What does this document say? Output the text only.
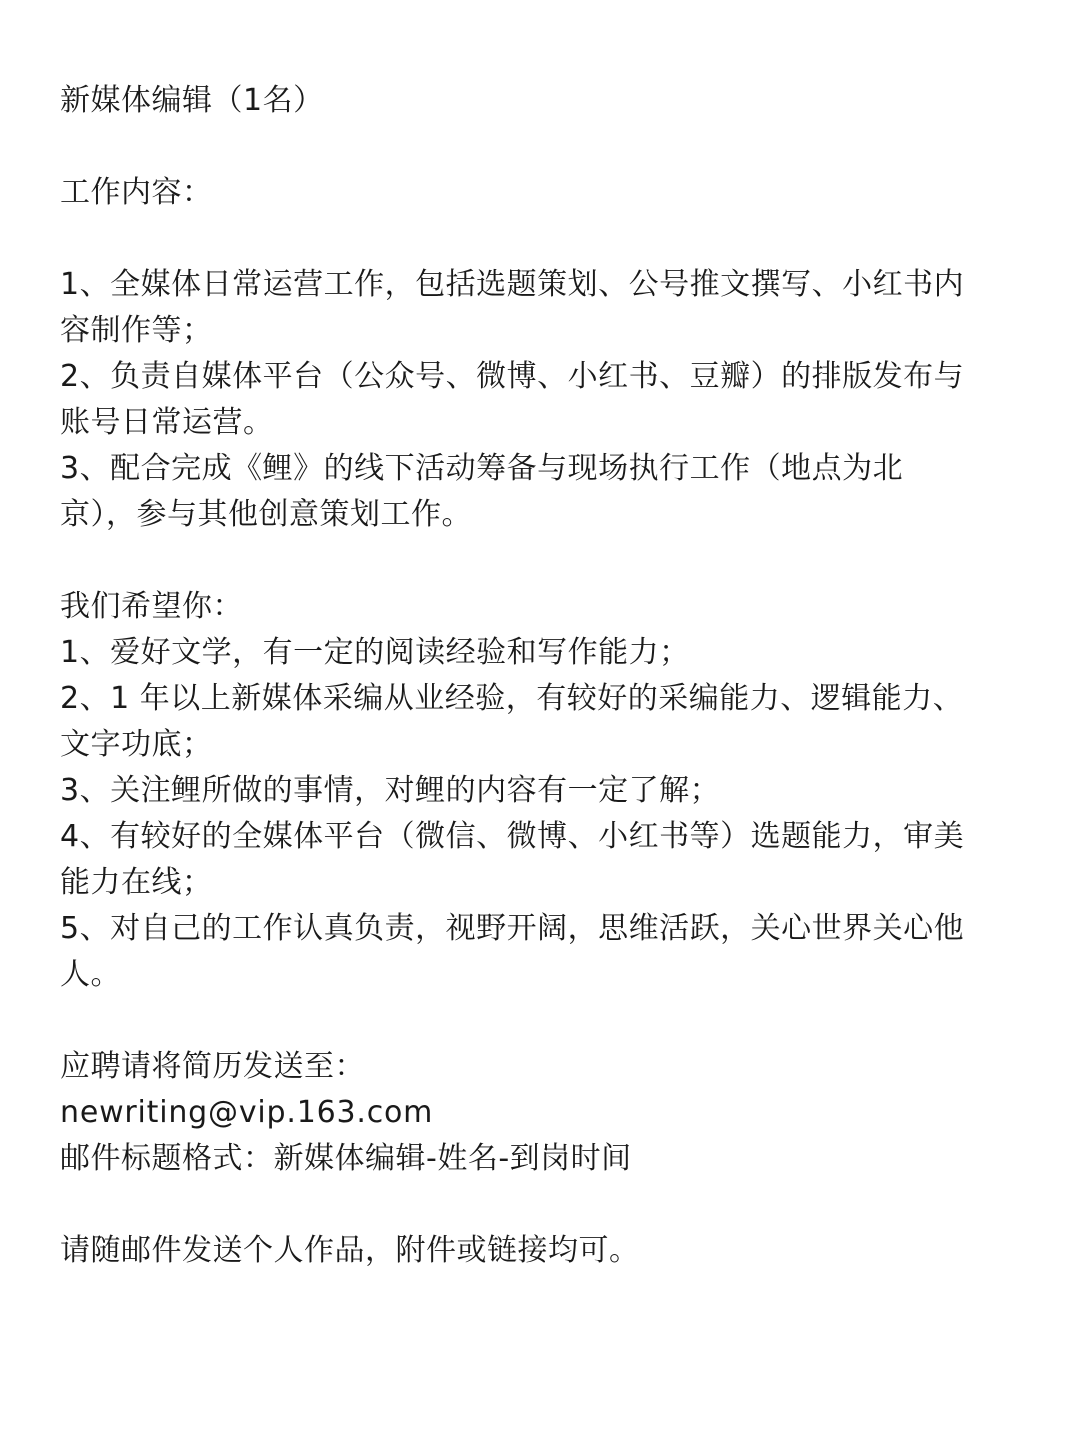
新媒体编辑（1名）
工作内容：
1、全媒体日常运营工作，包括选题策划、公号推文撰写、小红书内容制作等；
2、负责自媒体平台（公众号、微博、小红书、豆瓣）的排版发布与账号日常运营。
3、配合完成《鲤》的线下活动筹备与现场执行工作（地点为北京），参与其他创意策划工作。
我们希望你：
1、爱好文学，有一定的阅读经验和写作能力；
2、1 年以上新媒体采编从业经验，有较好的采编能力、逻辑能力、文字功底；
3、关注鲤所做的事情，对鲤的内容有一定了解；
4、有较好的全媒体平台（微信、微博、小红书等）选题能力，审美能力在线；
5、对自己的工作认真负责，视野开阔，思维活跃，关心世界关心他人。
应聘请将简历发送至：
newriting@vip.163.com
邮件标题格式：新媒体编辑-姓名-到岗时间
请随邮件发送个人作品，附件或链接均可。
